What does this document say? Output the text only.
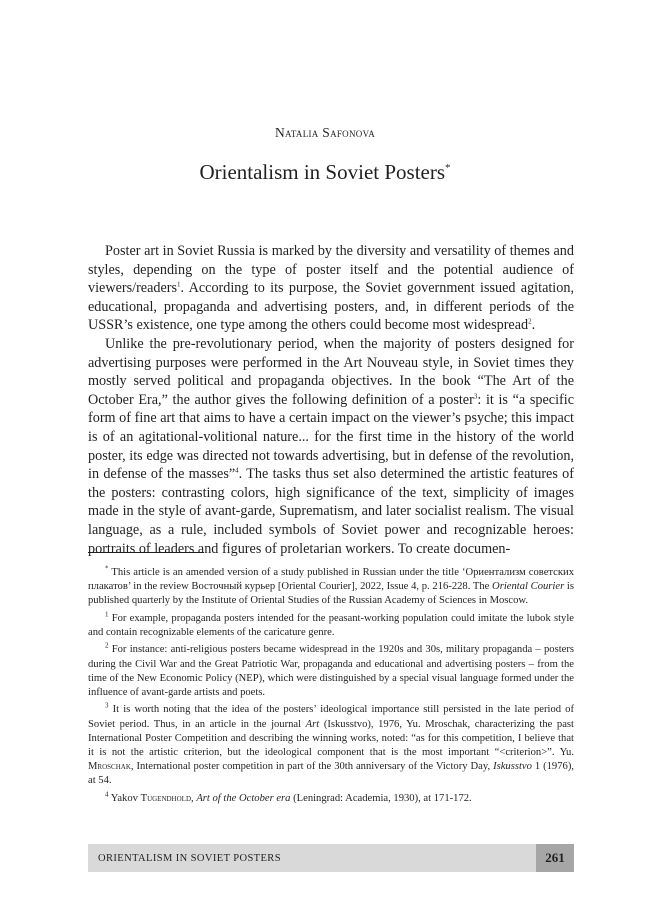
Natalia Safonova
Orientalism in Soviet Posters*

Poster art in Soviet Russia is marked by the diversity and versatility of themes and styles, depending on the type of poster itself and the potential audience of viewers/readers$^1$. According to its purpose, the Soviet government issued agitation, educational, propaganda and advertising posters, and, in different periods of the USSR’s existence, one type among the others could become most widespread$^2$.

Unlike the pre-revolutionary period, when the majority of posters designed for advertising purposes were performed in the Art Nouveau style, in Soviet times they mostly served political and propaganda objectives. In the book “The Art of the October Era,” the author gives the following definition of a poster$^3$: it is “a specific form of fine art that aims to have a certain impact on the viewer’s psyche; this impact is of an agitational-volitional nature... for the first time in the history of the world poster, its edge was directed not towards advertising, but in defense of the revolution, in defense of the masses”$^4$. The tasks thus set also determined the artistic features of the posters: contrasting colors, high significance of the text, simplicity of images made in the style of avant-garde, Suprematism, and later socialist realism. The visual language, as a rule, included symbols of Soviet power and recognizable heroes: portraits of leaders and figures of proletarian workers. To create documen-

* This article is an amended version of a study published in Russian under the title ‘Ориентализм советских плакатов’ in the review Восточный курьер [Oriental Courier], 2022, Issue 4, p. 216-228. The Oriental Courier is published quarterly by the Institute of Oriental Studies of the Russian Academy of Sciences in Moscow.

$^1$ For example, propaganda posters intended for the peasant-working population could imitate the lubok style and contain recognizable elements of the caricature genre.

$^2$ For instance: anti-religious posters became widespread in the 1920s and 30s, military propaganda – posters during the Civil War and the Great Patriotic War, propaganda and educational and advertising posters – from the time of the New Economic Policy (NEP), which were distinguished by a special visual language formed under the influence of avant-garde artists and poets.

$^3$ It is worth noting that the idea of the posters’ ideological importance still persisted in the late period of Soviet period. Thus, in an article in the journal Art (Iskusstvo), 1976, Yu. Mroschak, characterizing the past International Poster Competition and describing the winning works, noted: “as for this competition, I believe that it is not the artistic criterion, but the ideological component that is the most important “<criterion>”. Yu. Mroschak, International poster competition in part of the 30th anniversary of the Victory Day, Iskusstvo 1 (1976), at 54.

$^4$ Yakov Tugendhold, Art of the October era (Leningrad: Academia, 1930), at 171-172.

ORIENTALISM IN SOVIET POSTERS	261
